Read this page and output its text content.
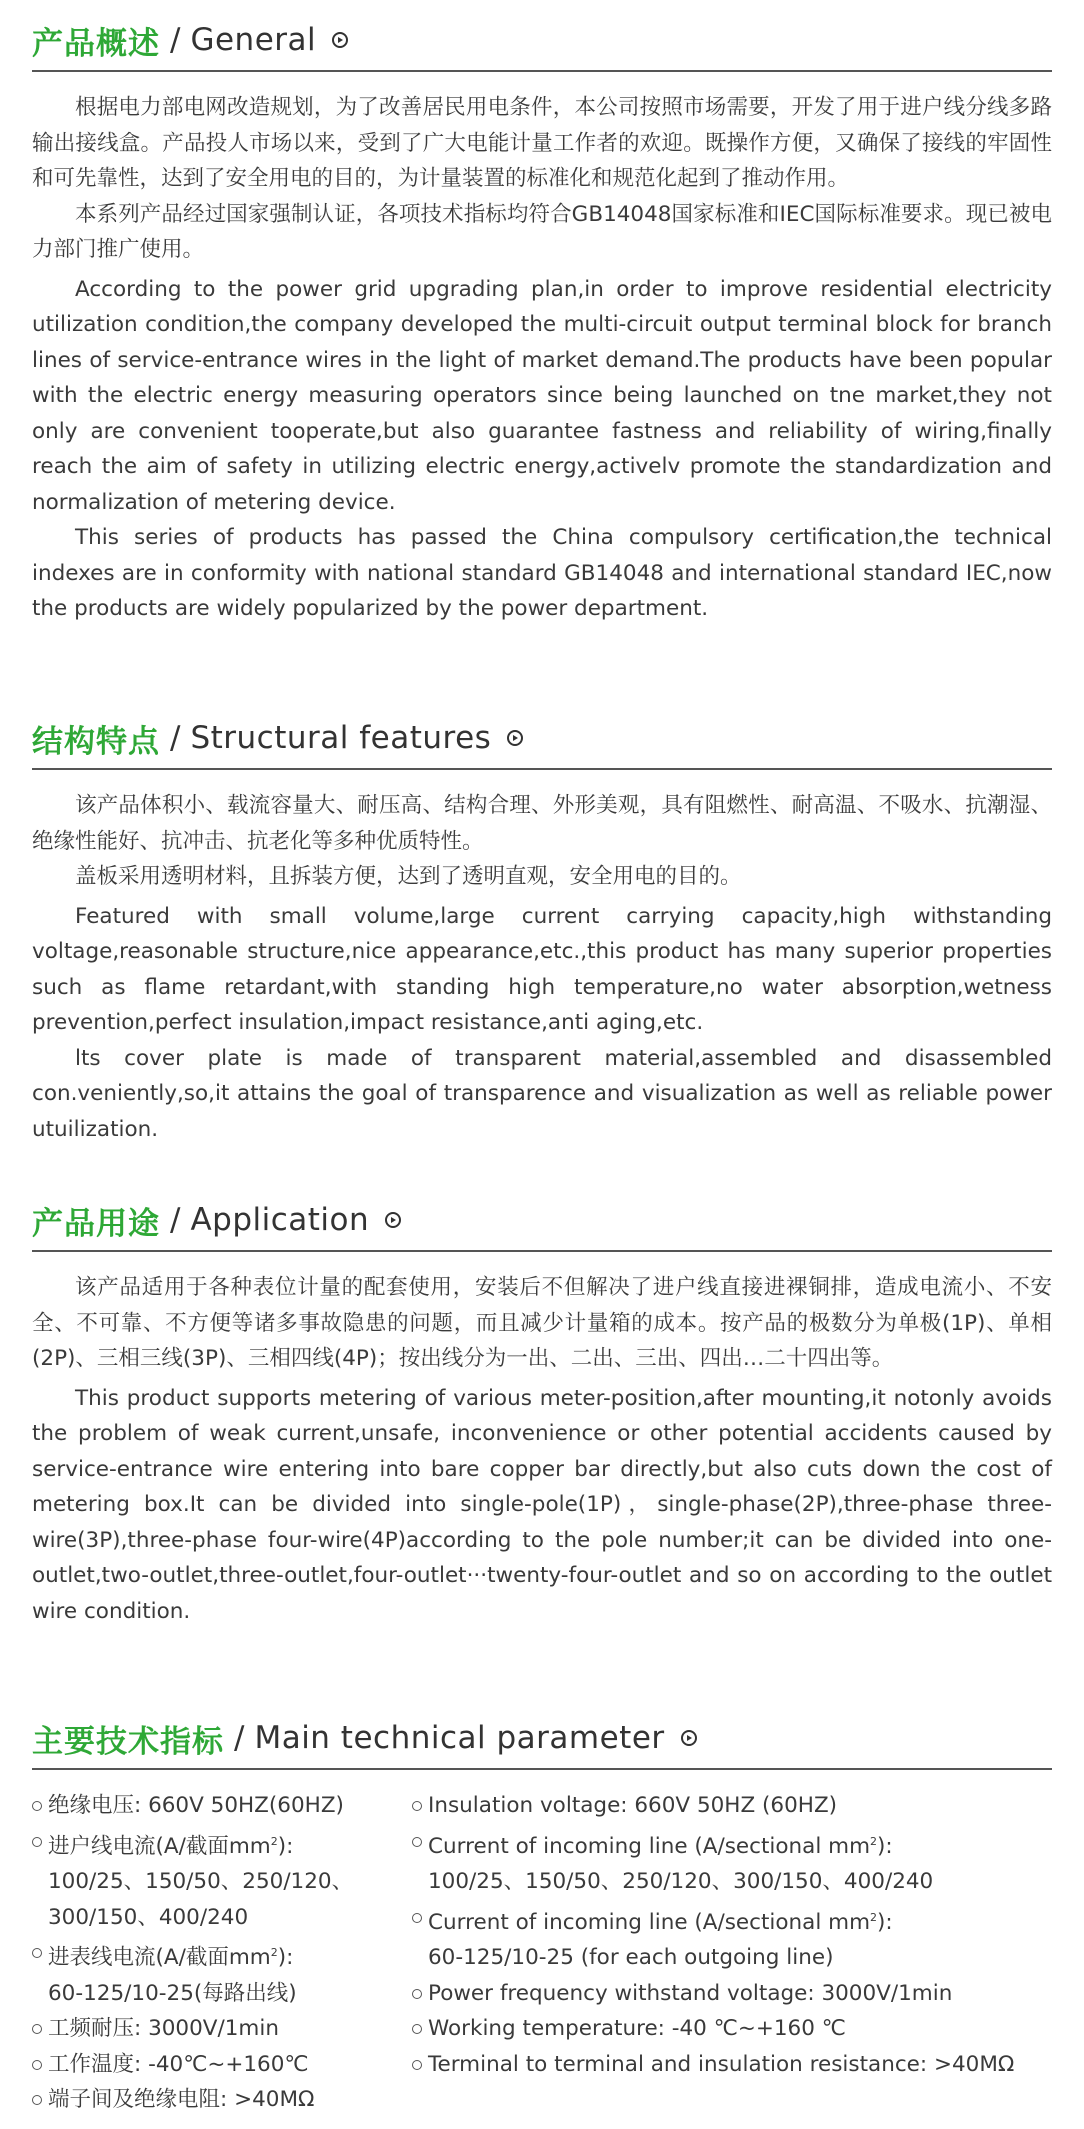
产品概述 / General

根据电力部电网改造规划，为了改善居民用电条件，本公司按照市场需要，开发了用于进户线分线多路输出接线盒。产品投人市场以来，受到了广大电能计量工作者的欢迎。既操作方便，又确保了接线的牢固性和可先靠性，达到了安全用电的目的，为计量装置的标准化和规范化起到了推动作用。

本系列产品经过国家强制认证，各项技术指标均符合GB14048国家标准和IEC国际标准要求。现已被电力部门推广使用。

According to the power grid upgrading plan,in order to improve residential electricity utilization condition,the company developed the multi-circuit output terminal block for branch lines of service-entrance wires in the light of market demand.The products have been popular with the electric energy measuring operators since being launched on tne market,they not only are convenient tooperate,but also guarantee fastness and reliability of wiring,finally reach the aim of safety in utilizing electric energy,activelv promote the standardization and normalization of metering device.

This series of products has passed the China compulsory certification,the technical indexes are in conformity with national standard GB14048 and international standard IEC,now the products are widely popularized by the power department.

结构特点 / Structural features

该产品体积小、载流容量大、耐压高、结构合理、外形美观，具有阻燃性、耐高温、不吸水、抗潮湿、绝缘性能好、抗冲击、抗老化等多种优质特性。

盖板采用透明材料，且拆装方便，达到了透明直观，安全用电的目的。

Featured with small volume,large current carrying capacity,high withstanding voltage,reasonable structure,nice appearance,etc.,this product has many superior properties such as flame retardant,with standing high temperature,no water absorption,wetness prevention,perfect insulation,impact resistance,anti aging,etc.

lts cover plate is made of transparent material,assembled and disassembled con.veniently,so,it attains the goal of transparence and visualization as well as reliable power utuilization.

产品用途 / Application

该产品适用于各种表位计量的配套使用，安装后不但解决了进户线直接进裸铜排，造成电流小、不安全、不可靠、不方便等诸多事故隐患的问题，而且减少计量箱的成本。按产品的极数分为单极(1P)、单相(2P)、三相三线(3P)、三相四线(4P)；按出线分为一出、二出、三出、四出…二十四出等。

This product supports metering of various meter-position,after mounting,it notonly avoids the problem of weak current,unsafe, inconvenience or other potential accidents caused by service-entrance wire entering into bare copper bar directly,but also cuts down the cost of metering box.It can be divided into single-pole(1P)，single-phase(2P),three-phase three-wire(3P),three-phase four-wire(4P)according to the pole number;it can be divided into one-outlet,two-outlet,three-outlet,four-outlet···twenty-four-outlet and so on according to the outlet wire condition.

主要技术指标 / Main technical parameter
绝缘电压: 660V 50HZ(60HZ)
进户线电流(A/截面$mm^2$):
100/25、150/50、250/120、
300/150、400/240
进表线电流(A/截面$mm^2$):
60-125/10-25(每路出线)
工频耐压: 3000V/1min
工作温度: -40℃~+160℃
端子间及绝缘电阻: >40MΩ
Insulation voltage: 660V 50HZ (60HZ)
Current of incoming line (A/sectional $mm^2$):
100/25、150/50、250/120、300/150、400/240
Current of incoming line (A/sectional $mm^2$):
60-125/10-25 (for each outgoing line)
Power frequency withstand voltage: 3000V/1min
Working temperature: -40 ℃~+160 ℃
Terminal to terminal and insulation resistance: >40MΩ
